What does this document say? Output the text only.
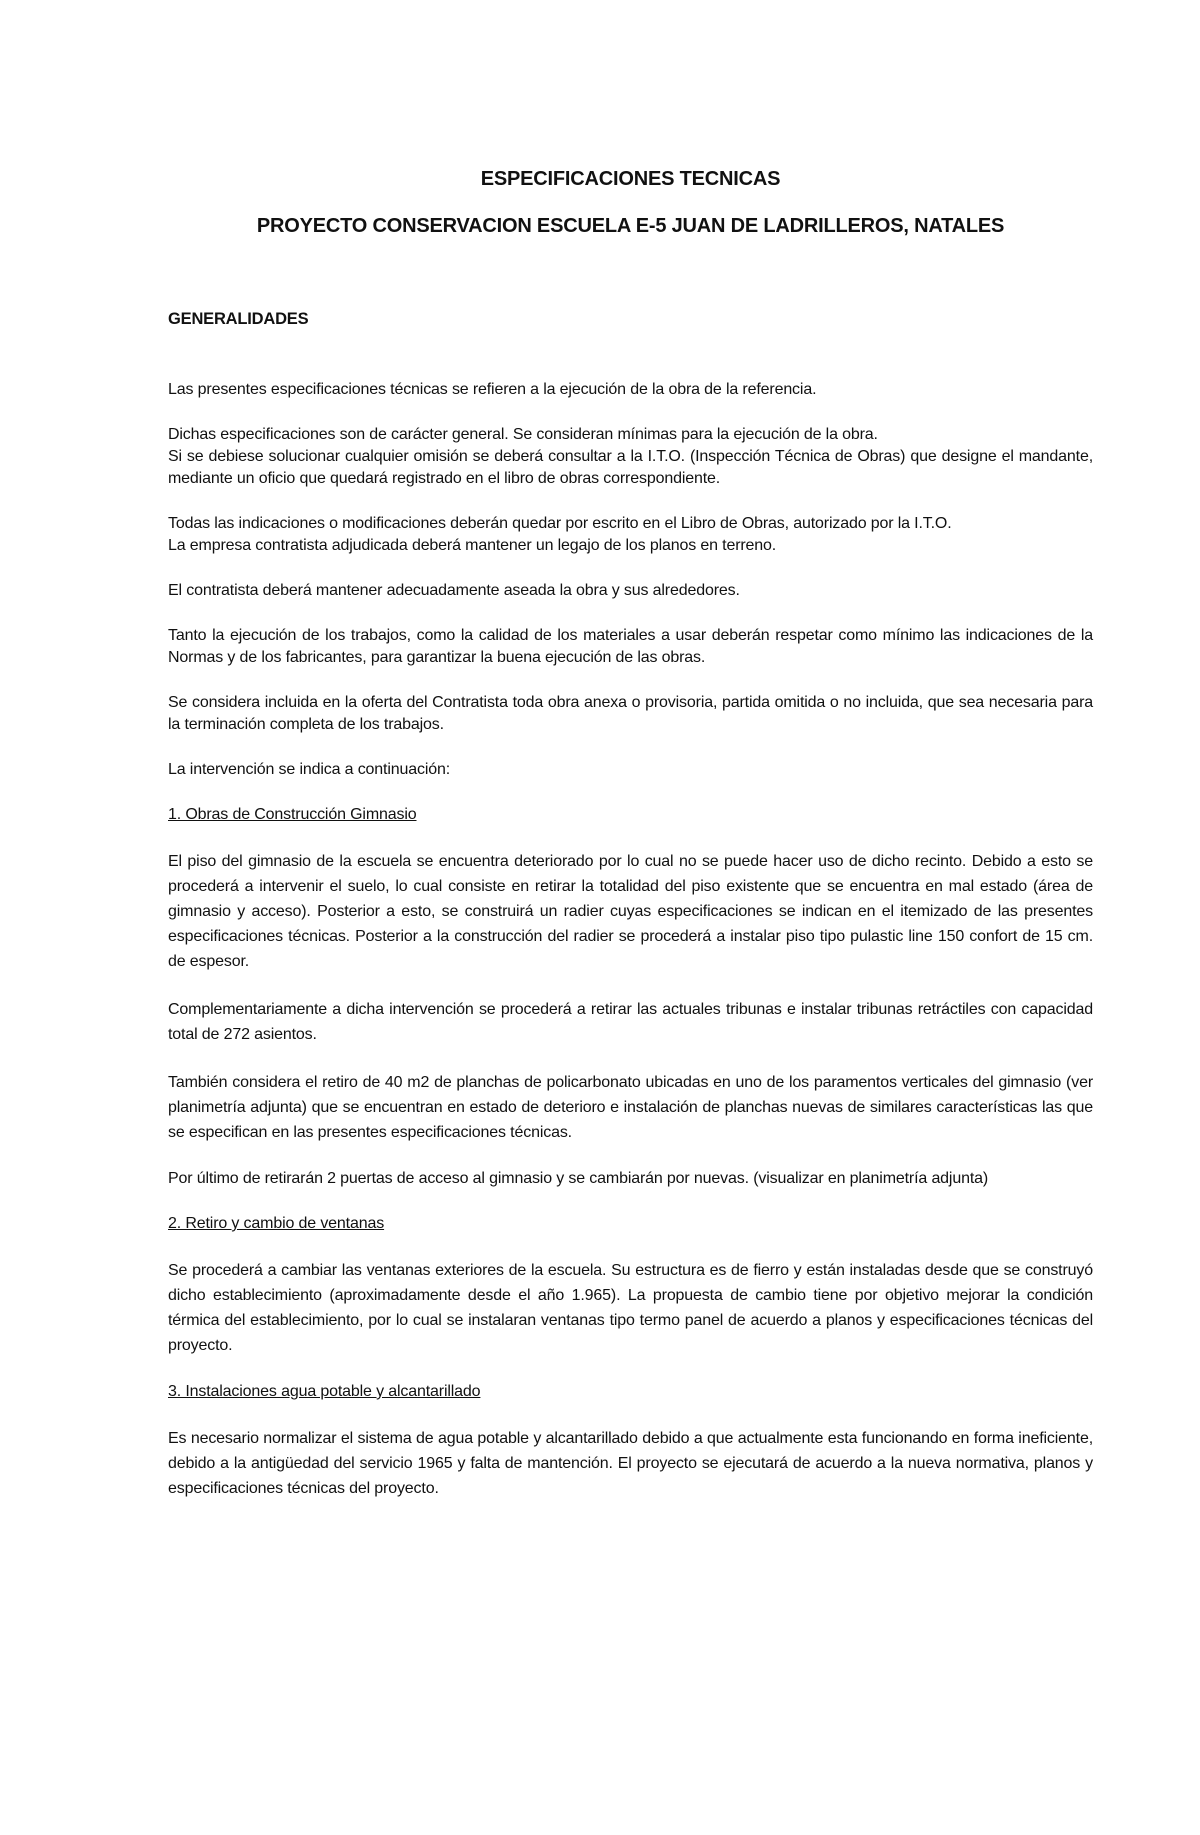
ESPECIFICACIONES TECNICAS
PROYECTO CONSERVACION ESCUELA E-5 JUAN DE LADRILLEROS, NATALES
GENERALIDADES

Las presentes especificaciones técnicas se refieren a la ejecución de la obra de la referencia.

Dichas especificaciones son de carácter general. Se consideran mínimas para la ejecución de la obra.

Si se debiese solucionar cualquier omisión se deberá consultar a la I.T.O. (Inspección Técnica de Obras) que designe el mandante, mediante un oficio que quedará registrado en el libro de obras correspondiente.

Todas las indicaciones o modificaciones deberán quedar por escrito en el Libro de Obras, autorizado por la I.T.O.

La empresa contratista adjudicada deberá mantener un legajo de los planos en terreno.

El contratista deberá mantener adecuadamente aseada la obra y sus alrededores.

Tanto la ejecución de los trabajos, como la calidad de los materiales a usar deberán respetar como mínimo las indicaciones de la Normas y de los fabricantes, para garantizar la buena ejecución de las obras.

Se considera incluida en la oferta del Contratista toda obra anexa o provisoria, partida omitida o no incluida, que sea necesaria para la terminación completa de los trabajos.

La intervención se indica a continuación:

1. Obras de Construcción Gimnasio

El piso del gimnasio de la escuela se encuentra deteriorado por lo cual no se puede hacer uso de dicho recinto. Debido a esto se procederá a intervenir el suelo, lo cual consiste en retirar la totalidad del piso existente que se encuentra en mal estado (área de gimnasio y acceso). Posterior a esto, se construirá un radier cuyas especificaciones se indican en el itemizado de las presentes especificaciones técnicas. Posterior a la construcción del radier se procederá a instalar piso tipo pulastic line 150 confort de 15 cm. de espesor.

Complementariamente a dicha intervención se procederá a retirar las actuales tribunas e instalar tribunas retráctiles con capacidad total de 272 asientos.

También considera el retiro de 40 m2 de planchas de policarbonato ubicadas en uno de los paramentos verticales del gimnasio (ver planimetría adjunta) que se encuentran en estado de deterioro e instalación de planchas nuevas de similares características las que se especifican en las presentes especificaciones técnicas.

Por último de retirarán 2 puertas de acceso al gimnasio y se cambiarán por nuevas. (visualizar en planimetría adjunta)

2. Retiro y cambio de ventanas

Se procederá a cambiar las ventanas exteriores de la escuela. Su estructura es de fierro y están instaladas desde que se construyó dicho establecimiento (aproximadamente desde el año 1.965). La propuesta de cambio tiene por objetivo mejorar la condición térmica del establecimiento, por lo cual se instalaran ventanas tipo termo panel de acuerdo a planos y especificaciones técnicas del proyecto.

3. Instalaciones agua potable y alcantarillado

Es necesario normalizar el sistema de agua potable y alcantarillado debido a que actualmente esta funcionando en forma ineficiente, debido a la antigüedad del servicio 1965 y falta de mantención. El proyecto se ejecutará de acuerdo a la nueva normativa, planos y especificaciones técnicas del proyecto.
